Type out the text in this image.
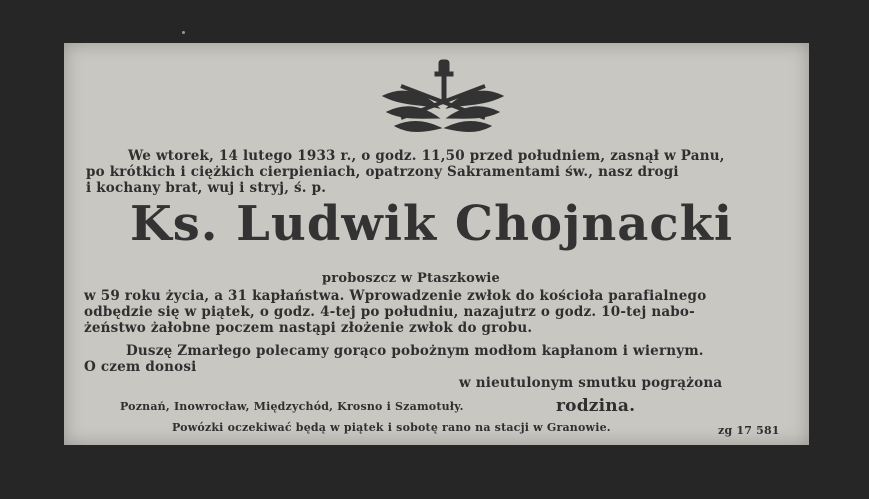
We wtorek, 14 lutego 1933 r., o godz. 11,50 przed południem, zasnął w Panu,
po krótkich i ciężkich cierpieniach, opatrzony Sakramentami św., nasz drogi
i kochany brat, wuj i stryj, ś. p.
Ks. Ludwik Chojnacki
proboszcz w Ptaszkowie
w 59 roku życia, a 31 kapłaństwa. Wprowadzenie zwłok do kościoła parafialnego
odbędzie się w piątek, o godz. 4-tej po południu, nazajutrz o godz. 10-tej nabo-
żeństwo żałobne poczem nastąpi złożenie zwłok do grobu.
Duszę Zmarłego polecamy gorąco pobożnym modłom kapłanom i wiernym.
O czem donosi
w nieutulonym smutku pogrążona
Poznań, Inowrocław, Międzychód, Krosno i Szamotuły.	rodzina.
Powózki oczekiwać będą w piątek i sobotę rano na stacji w Granowie.	zg 17 581
